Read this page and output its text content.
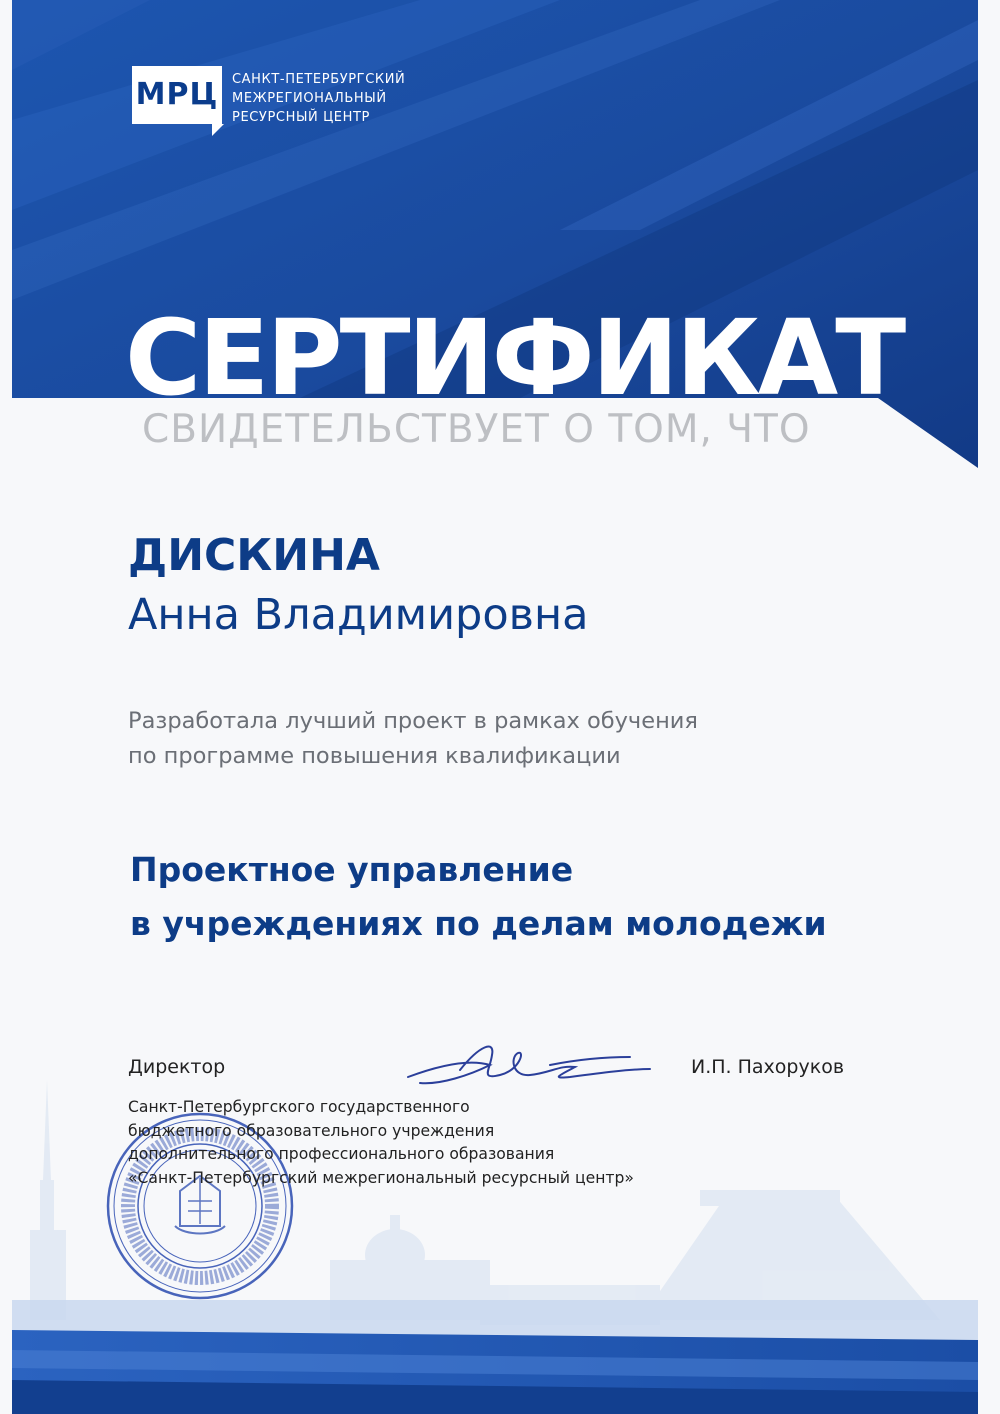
МРЦ САНКТ-ПЕТЕРБУРГСКИЙ
МЕЖРЕГИОНАЛЬНЫЙ
РЕСУРСНЫЙ ЦЕНТР
СЕРТИФИКАТ
СВИДЕТЕЛЬСТВУЕТ О ТОМ, ЧТО
ДИСКИНА
Анна Владимировна
Разработала лучший проект в рамках обучения
по программе повышения квалификации
Проектное управление
в учреждениях по делам молодежи
Директор	И.П. Пахоруков
Санкт-Петербургского государственного
бюджетного образовательного учреждения
дополнительного профессионального образования
«Санкт-Петербургский межрегиональный ресурсный центр»
